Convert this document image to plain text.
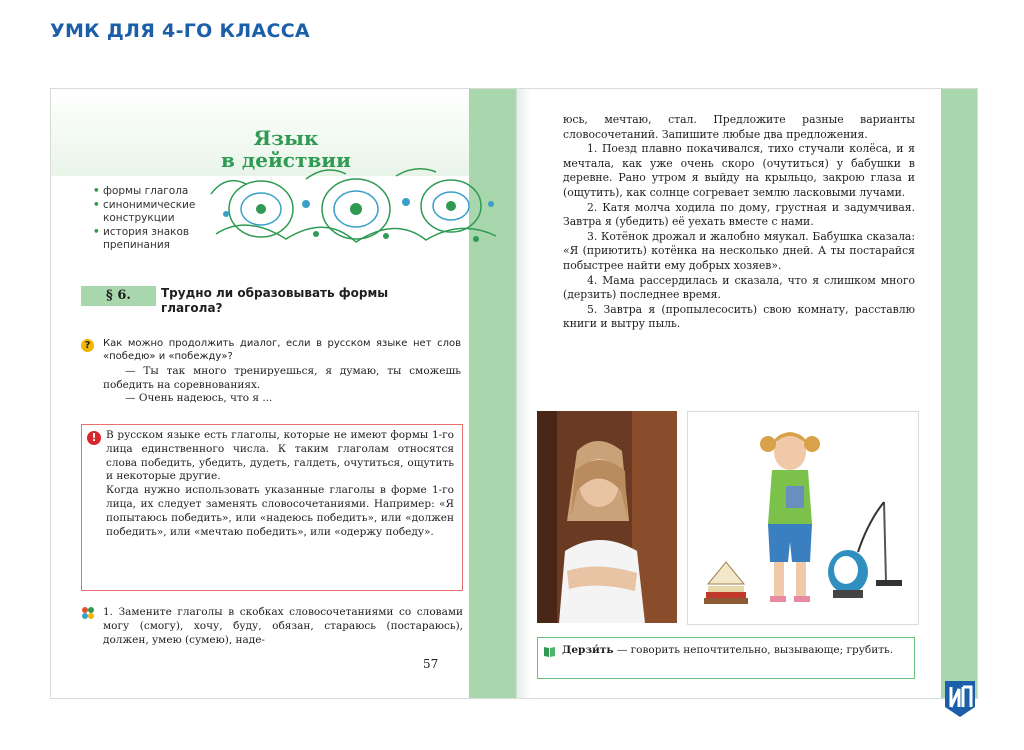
УМК ДЛЯ 4-ГО КЛАССА
Язык
в действии
• формы глагола
• синонимические конструкции
• история знаков препинания
§ 6.	Трудно ли образовывать формы глагола?
?	Как можно продолжить диалог, если в русском языке нет слов «победю» и «побежду»?

— Ты так много тренируешься, я думаю, ты сможешь победить на соревнованиях.

— Очень надеюсь, что я ...

! В русском языке есть глаголы, которые не имеют формы 1-го лица единственного числа. К таким глаголам относятся слова победить, убедить, дудеть, галдеть, очутиться, ощутить и некоторые другие.

Когда нужно использовать указанные глаголы в форме 1-го лица, их следует заменять словосочетаниями. Например: «Я попытаюсь победить», или «надеюсь победить», или «должен победить», или «мечтаю победить», или «одержу победу».

1. Замените глаголы в скобках словосочетаниями со словами могу (смогу), хочу, буду, обязан, стараюсь (постараюсь), должен, умею (сумею), наде-
57

юсь, мечтаю, стал. Предложите разные варианты словосочетаний. Запишите любые два предложения.

1. Поезд плавно покачивался, тихо стучали колёса, и я мечтала, как уже очень скоро (очутиться) у бабушки в деревне. Рано утром я выйду на крыльцо, закрою глаза и (ощутить), как солнце согревает землю ласковыми лучами.

2. Катя молча ходила по дому, грустная и задумчивая. Завтра я (убедить) её уехать вместе с нами.

3. Котёнок дрожал и жалобно мяукал. Бабушка сказала: «Я (приютить) котёнка на несколько дней. А ты постарайся побыстрее найти ему добрых хозяев».

4. Мама рассердилась и сказала, что я слишком много (дерзить) последнее время.

5. Завтра я (пропылесосить) свою комнату, расставлю книги и вытру пыль.

Дерзи́ть — говорить непочтительно, вызывающе; грубить.
